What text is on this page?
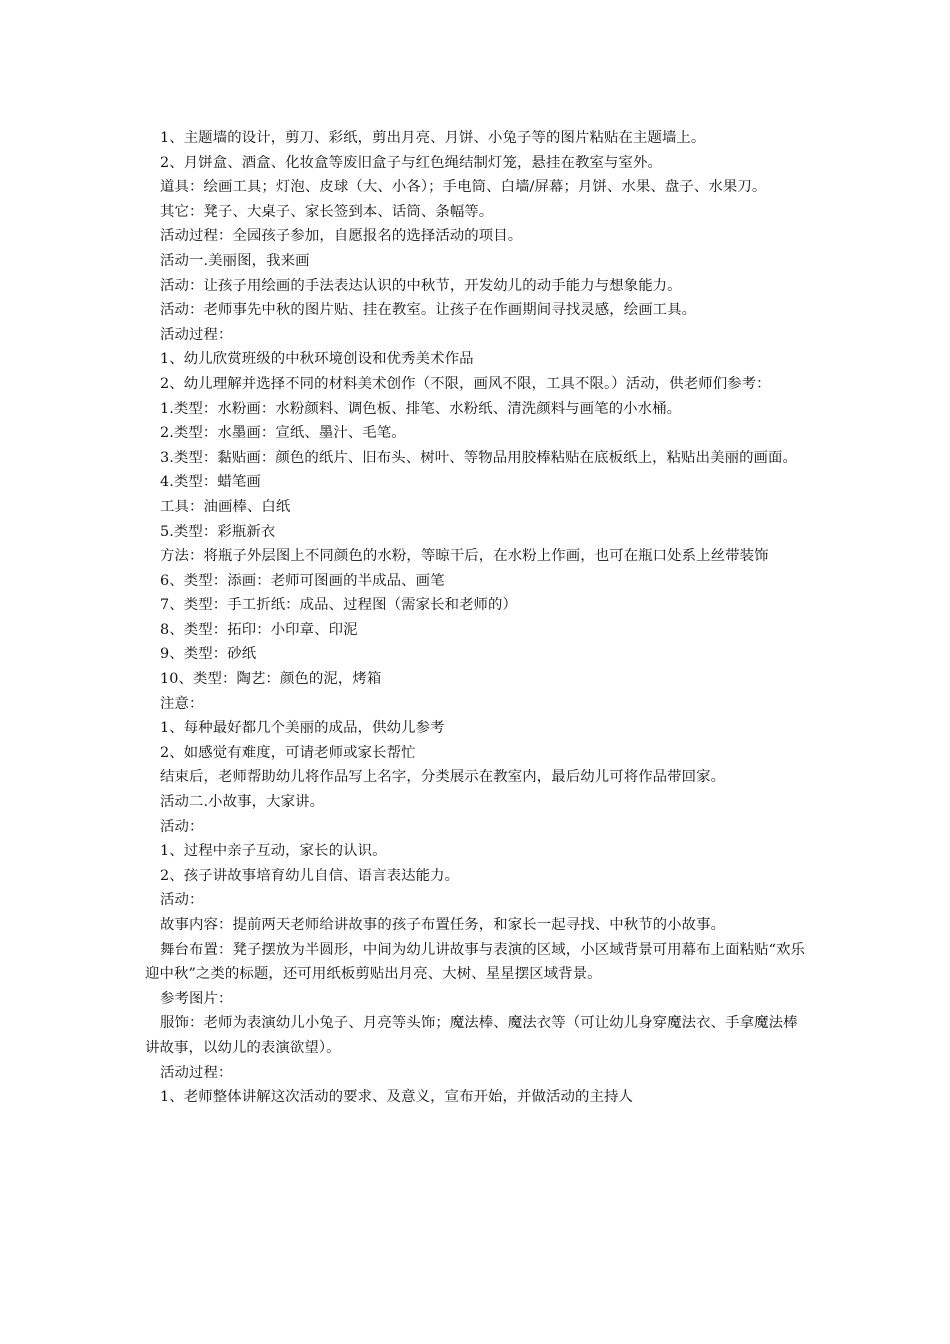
1、主题墙的设计，剪刀、彩纸，剪出月亮、月饼、小兔子等的图片粘贴在主题墙上。

2、月饼盒、酒盒、化妆盒等废旧盒子与红色绳结制灯笼，悬挂在教室与室外。

道具：绘画工具；灯泡、皮球（大、小各）；手电筒、白墙/屏幕；月饼、水果、盘子、水果刀。

其它：凳子、大桌子、家长签到本、话筒、条幅等。

活动过程：全园孩子参加，自愿报名的选择活动的项目。

活动一.美丽图，我来画

活动：让孩子用绘画的手法表达认识的中秋节，开发幼儿的动手能力与想象能力。

活动：老师事先中秋的图片贴、挂在教室。让孩子在作画期间寻找灵感，绘画工具。

活动过程：

1、幼儿欣赏班级的中秋环境创设和优秀美术作品

2、幼儿理解并选择不同的材料美术创作（不限，画风不限，工具不限。）活动，供老师们参考：

1.类型：水粉画：水粉颜料、调色板、排笔、水粉纸、清洗颜料与画笔的小水桶。

2.类型：水墨画：宣纸、墨汁、毛笔。

3.类型：黏贴画：颜色的纸片、旧布头、树叶、等物品用胶棒粘贴在底板纸上，粘贴出美丽的画面。

4.类型：蜡笔画

工具：油画棒、白纸

5.类型：彩瓶新衣

方法：将瓶子外层图上不同颜色的水粉，等晾干后，在水粉上作画，也可在瓶口处系上丝带装饰

6、类型：添画：老师可图画的半成品、画笔

7、类型：手工折纸：成品、过程图（需家长和老师的）

8、类型：拓印：小印章、印泥

9、类型：砂纸

10、类型：陶艺：颜色的泥，烤箱

注意：

1、每种最好都几个美丽的成品，供幼儿参考

2、如感觉有难度，可请老师或家长帮忙

结束后，老师帮助幼儿将作品写上名字，分类展示在教室内，最后幼儿可将作品带回家。

活动二.小故事，大家讲。

活动：

1、过程中亲子互动，家长的认识。

2、孩子讲故事培育幼儿自信、语言表达能力。

活动：

故事内容：提前两天老师给讲故事的孩子布置任务，和家长一起寻找、中秋节的小故事。

舞台布置：凳子摆放为半圆形，中间为幼儿讲故事与表演的区域，小区域背景可用幕布上面粘贴“欢乐迎中秋”之类的标题，还可用纸板剪贴出月亮、大树、星星摆区域背景。

参考图片：

服饰：老师为表演幼儿小兔子、月亮等头饰；魔法棒、魔法衣等（可让幼儿身穿魔法衣、手拿魔法棒讲故事，以幼儿的表演欲望）。

活动过程：

1、老师整体讲解这次活动的要求、及意义，宣布开始，并做活动的主持人
